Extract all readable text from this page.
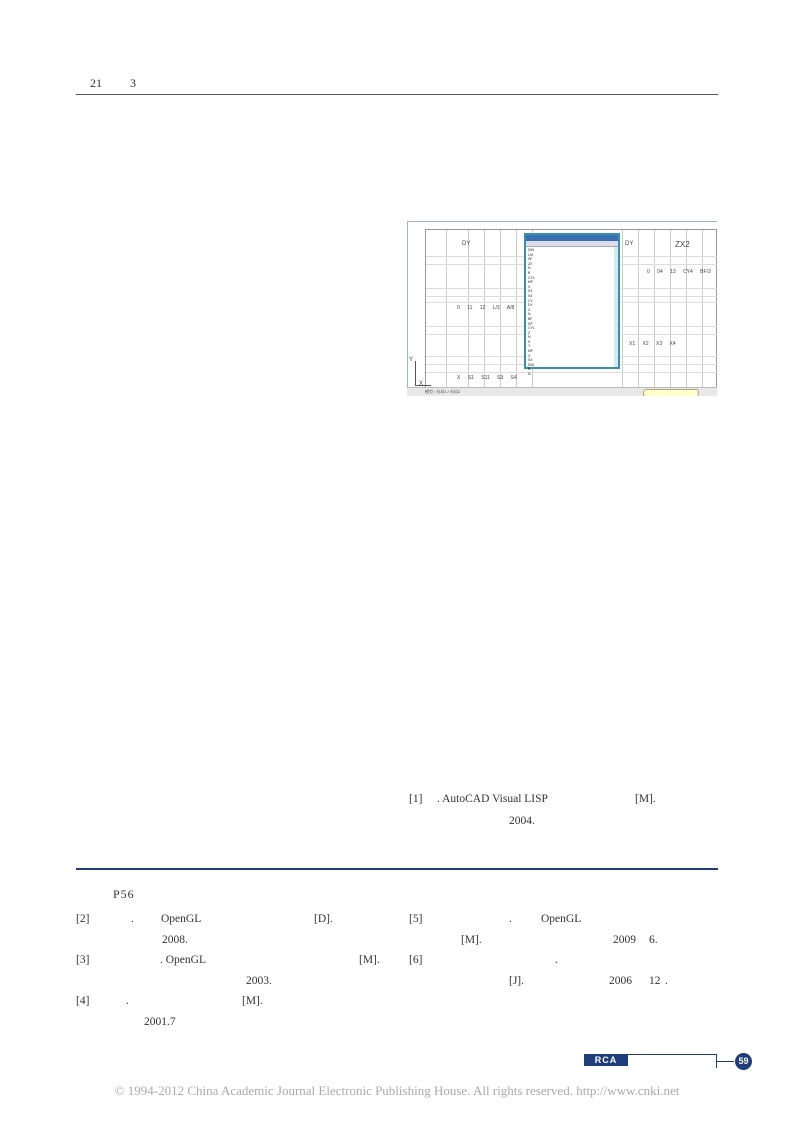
21 3
DY	DY	ZX2
0 11 12 L/3 A/8
X S1 S11 S3 S4
0 04 13 CY4 BF/3
X1 X2 X3 X4
Y
X
模型 / 布局1 / 布局2
DIN
LM
SF
ZX
N
B
CYL
MF
X
S3
S4
CY
DY
Z
N
BF
DF
CYL
Z
N
S
Y
MF
X
S3
DIN
B
N
[1] . AutoCAD Visual LISP	[M].
2004.
P56
[2]	. OpenGL	[D].
2008.
[3]	. OpenGL	[M].
2003.
[4]	.	[M].
2001.7
[5]	.	OpenGL
[M].	2009 6.
[6]	.
[J].	2006 12 .
RCA	59
© 1994-2012 China Academic Journal Electronic Publishing House. All rights reserved. http://www.cnki.net
